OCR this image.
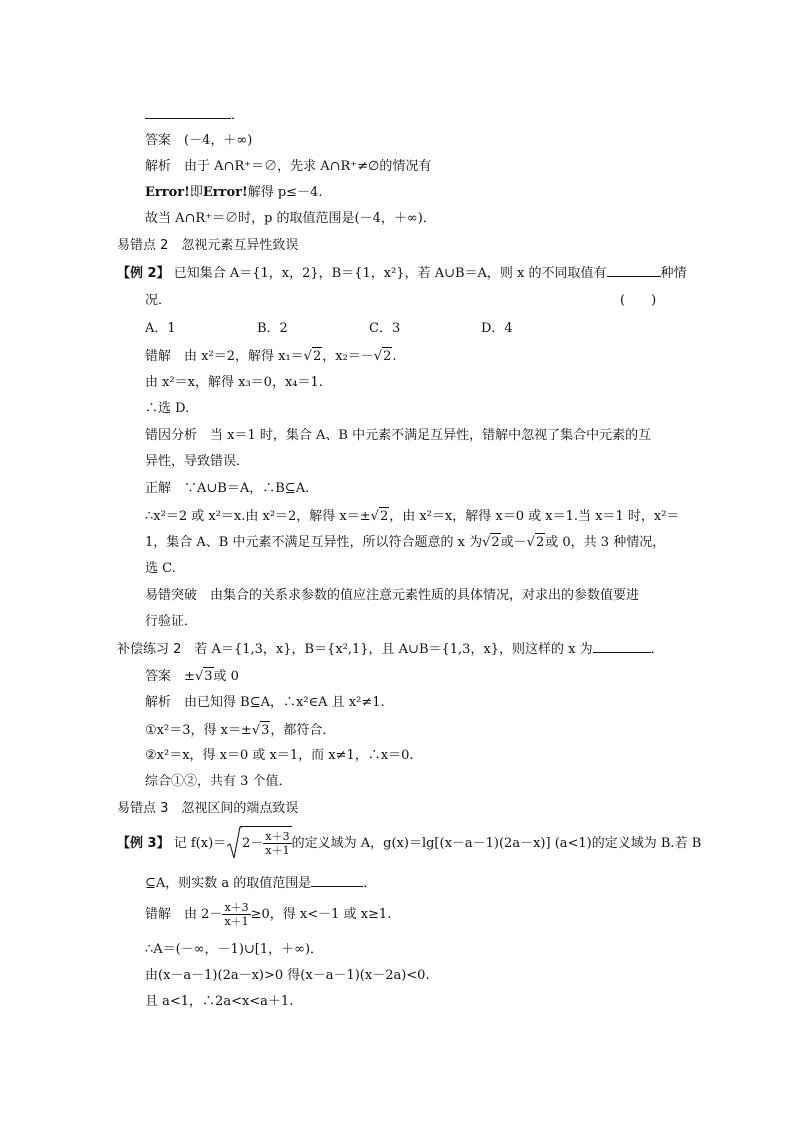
．
答案　 (－4，＋∞)
解析　 由于 A∩R⁺＝∅，先求 A∩R⁺≠∅的情况有
Error!即Error!解得 p≤－4.
故当 A∩R⁺＝∅时，p 的取值范围是(－4，＋∞)．
易错点 2　忽视元素互异性致误
【例 2】 已知集合 A＝{1，x，2}，B＝{1，x²}，若 A∪B＝A，则 x 的不同取值有	种情
况．	(　　)
A．1	B．2	C．3	D．4
错解　 由 x²＝2，解得 x₁＝√2，x₂＝－√2.
由 x²＝x，解得 x₃＝0，x₄＝1.
∴选 D.
错因分析　 当 x＝1 时，集合 A、B 中元素不满足互异性，错解中忽视了集合中元素的互
异性，导致错误．
正解　 ∵A∪B＝A，∴B⊆A.
∴x²＝2 或 x²＝x.由 x²＝2，解得 x＝±√2，由 x²＝x，解得 x＝0 或 x＝1.当 x＝1 时，x²＝
1，集合 A、B 中元素不满足互异性，所以符合题意的 x 为√2或－√2或 0，共 3 种情况，
选 C.
易错突破　 由集合的关系求参数的值应注意元素性质的具体情况，对求出的参数值要进
行验证．
补偿练习 2　 若 A＝{1,3，x}，B＝{x²,1}，且 A∪B＝{1,3，x}，则这样的 x 为	．
答案　 ±√3或 0
解析　 由已知得 B⊆A，∴x²∈A 且 x²≠1.
①x²＝3，得 x＝±√3，都符合．
②x²＝x，得 x＝0 或 x＝1，而 x≠1，∴x＝0.
综合①②，共有 3 个值．
易错点 3　忽视区间的端点致误
【例 3】 记 $f(x)= 2- \frac{x+3}{x+1}$ 的定义域为 A，g(x)＝lg[(x－a－1)(2a－x)] (a<1)的定义域为 B.若 B
⊆A，则实数 a 的取值范围是	．
错解　 由 $2- \frac{x+3}{x+1} \ge 0$，得 x<－1 或 x≥1.
∴A＝(－∞，－1)∪[1，＋∞)．
由(x－a－1)(2a－x)>0 得(x－a－1)(x－2a)<0.
且 a<1，∴2a<x<a＋1.
